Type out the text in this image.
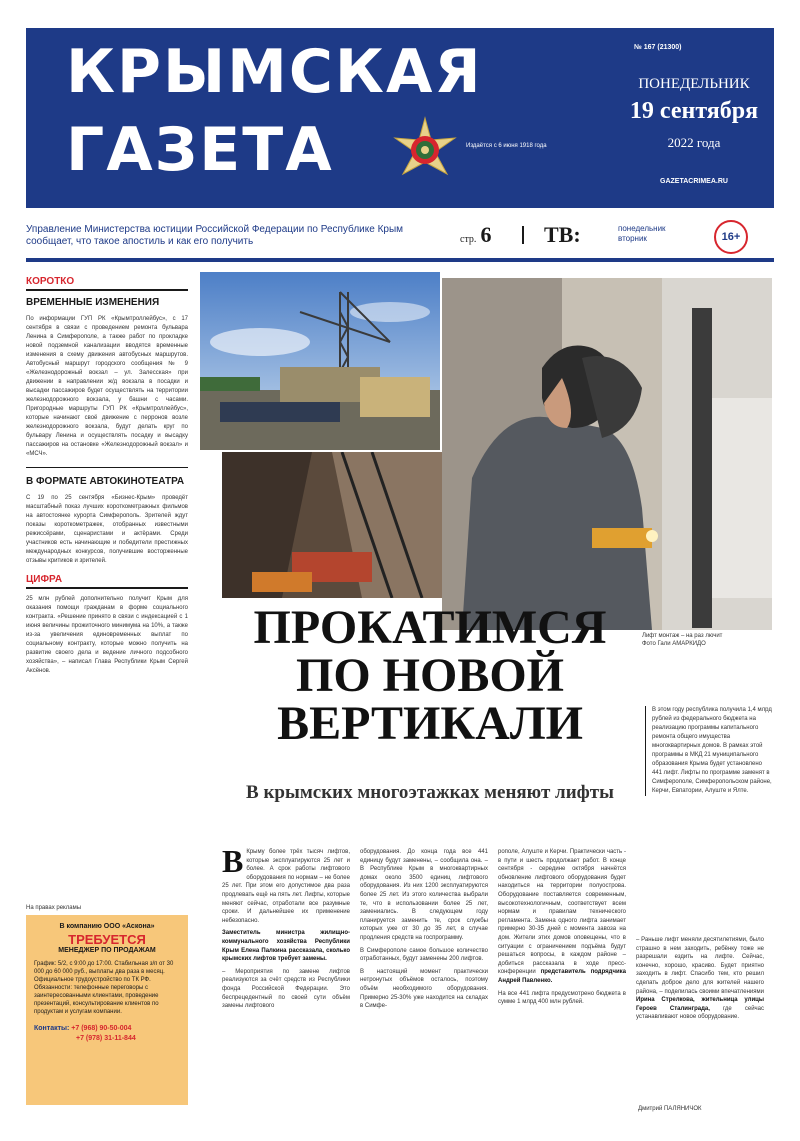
КРЫМСКАЯ
ГАЗЕТА	Издаётся с 6 июня 1918 года
№ 167 (21300)
ПОНЕДЕЛЬНИК
19 сентября
2022 года
GAZETACRIMEA.RU
Управление Министерства юстиции Российской Федерации по Республике Крым сообщает, что такое апостиль и как его получить	стр. 6 ТВ:	понедельник
вторник	16+
КОРОТКО
ВРЕМЕННЫЕ ИЗМЕНЕНИЯ
По информации ГУП РК «Крымтроллейбус», с 17 сентября в связи с проведением ремонта бульвара Ленина в Симферополе, а также работ по прокладке новой подземной канализации вводятся временные изменения в схему движения автобусных маршрутов. Автобусный маршрут городского сообщения № 9 «Железнодорожный вокзал – ул. Залесская» при движении в направлении ж/д вокзала в посадки и высадки пассажиров будет осуществлять на территории железнодорожного вокзала, у башни с часами. Пригородные маршруты ГУП РК «Крымтроллейбус», которые начинают своё движение с перронов возле железнодорожного вокзала, будут делать круг по бульвару Ленина и осуществлять посадку и высадку пассажиров на остановке «Железнодорожный вокзал» и «МСЧ».
В ФОРМАТЕ АВТОКИНОТЕАТРА
С 19 по 25 сентября «Бизнес-Крым» проведёт масштабный показ лучших короткометражных фильмов на автостоянке курорта Симферополь. Зрителей ждут показы короткометражек, отобранных известными режиссёрами, сценаристами и актёрами. Среди участников есть начинающие и победители престижных международных конкурсов, получившие восторженные отзывы критиков и зрителей.
ЦИФРА
25 млн рублей дополнительно получит Крым для оказания помощи гражданам в форме социального контракта. «Решение принято в связи с индексацией с 1 июня величины прожиточного минимума на 10%, а также из-за увеличения единовременных выплат по социальному контракту, которые можно получить на развитие своего дела и ведение личного подсобного хозяйства», – написал Глава Республики Крым Сергей Аксёнов.
На правах рекламы
В компанию ООО «Аскона»
ТРЕБУЕТСЯ
МЕНЕДЖЕР ПО ПРОДАЖАМ
График: 5/2, с 9:00 до 17:00. Стабильная з/п от 30 000 до 60 000 руб., выплаты два раза в месяц. Официальное трудоустройство по ТК РФ. Обязанности: телефонные переговоры с заинтересованными клиентами, проведение презентаций, консультирование клиентов по продуктам и услугам компании.
Контакты: +7 (968) 90-50-004
+7 (978) 31-11-844
Лифт монтаж – на раз лючит
Фото Гали АМАРКИДО
ПРОКАТИМСЯ ПО НОВОЙ ВЕРТИКАЛИ
В крымских многоэтажках меняют лифты
В этом году республика получила 1,4 млрд рублей из федерального бюджета на реализацию программы капитального ремонта общего имущества многоквартирных домов. В рамках этой программы в МКД 21 муниципального образования Крыма будет установлено 441 лифт. Лифты по программе заменят в Симферополе, Симферопольском районе, Керчи, Евпатории, Алуште и Ялте.

В Крыму более трёх тысяч лифтов, которые эксплуатируются 25 лет и более. А срок работы лифтового оборудования по нормам – не более 25 лет. При этом его допустимое два раза продлевать ещё на пять лет. Лифты, которые меняют сейчас, отработали все разумные сроки. И дальнейшее их применение небезопасно.

Заместитель министра жилищно-коммунального хозяйства Республики Крым Елена Палкина рассказала, сколько крымских лифтов требует замены.

– Мероприятия по замене лифтов реализуются за счёт средств из Республики фонда Российской Федерации. Это беспрецедентный по своей сути объём замены лифтового

оборудования. До конца года все 441 единицу будут заменены, – сообщила она. – В Республике Крым в многоквартирных домах около 3500 единиц лифтового оборудования. Из них 1200 эксплуатируются более 25 лет. Из этого количества выбрали те, что в использовании более 25 лет, замениались. В следующем году планируется заменить те, срок службы которых уже от 30 до 35 лет, в случае продления средств на госпрограмму.

В Симферополе самое большое количество отработанных, будут заменены 200 лифтов.

В настоящий момент практически нетронутых объёмов осталось, поэтому объём необходимого оборудования. Примерно 25-30% уже находится на складах в Симфе-

рополе, Алуште и Керчи. Практически часть - в пути и шесть продолжает работ. В конце сентября - середине октября начнётся обновление лифтового оборудования будет находиться на территории полуострова. Оборудование поставляется современным, высокотехнологичным, соответствует всем нормам и правилам технического регламента. Замена одного лифта занимает примерно 30-35 дней с момента завоза на дом. Жители этих домов оповещены, что в ситуации с ограничением подъёма будут решаться вопросы, в каждом районе – добиться рассказала в ходе пресс-конференции представитель подрядчика Андрей Павленко.

На все 441 лифта предусмотрено бюджета в сумме 1 млрд 400 млн рублей.

– Раньше лифт меняли десятилетиями, было страшно в нем заходить, ребёнку тоже не разрешали ездить на лифте. Сейчас, конечно, хорошо, красиво. Будет приятно заходить в лифт. Спасибо тем, кто решил сделать доброе дело для жителей нашего района, – поделилась своими впечатлениями Ирина Стрелкова, жительница улицы Героев Сталинграда, где сейчас устанавливают новое оборудование.

Дмитрий ПАЛЯНИЧОК
